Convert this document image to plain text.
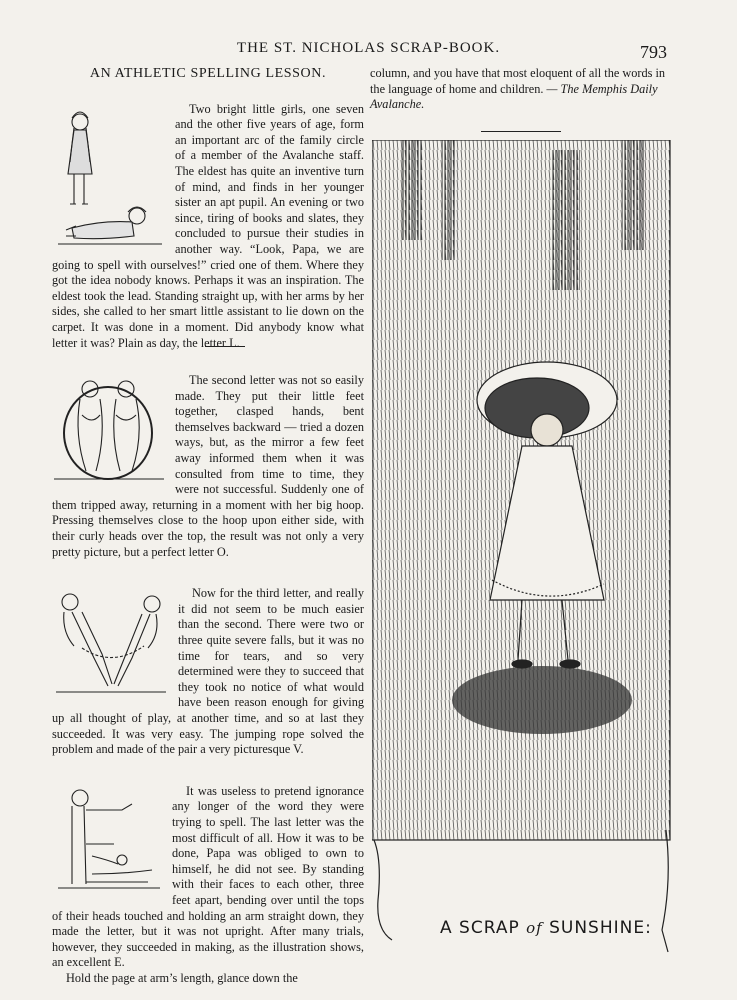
THE ST. NICHOLAS SCRAP-BOOK.	793
AN ATHLETIC SPELLING LESSON.

Two bright little girls, one seven and the other five years of age, form an important arc of the family circle of a member of the Avalanche staff. The eldest has quite an inventive turn of mind, and finds in her younger sister an apt pupil. An evening or two since, tiring of books and slates, they concluded to pursue their studies in another way. “Look, Papa, we are going to spell with ourselves!” cried one of them. Where they got the idea nobody knows. Perhaps it was an inspiration. The eldest took the lead. Standing straight up, with her arms by her sides, she called to her smart little assistant to lie down on the carpet. It was done in a moment. Did anybody know what letter it was? Plain as day, the letter L.

The second letter was not so easily made. They put their little feet together, clasped hands, bent themselves backward — tried a dozen ways, but, as the mirror a few feet away informed them when it was consulted from time to time, they were not successful. Suddenly one of them tripped away, returning in a moment with her big hoop. Pressing themselves close to the hoop upon either side, with their curly heads over the top, the result was not only a very pretty picture, but a perfect letter O.

Now for the third letter, and really it did not seem to be much easier than the second. There were two or three quite severe falls, but it was no time for tears, and so very determined were they to succeed that they took no notice of what would have been reason enough for giving up all thought of play, at another time, and so at last they succeeded. It was very easy. The jumping rope solved the problem and made of the pair a very picturesque V.

It was useless to pretend ignorance any longer of the word they were trying to spell. The last letter was the most difficult of all. How it was to be done, Papa was obliged to own to himself, he did not see. By standing with their faces to each other, three feet apart, bending over until the tops of their heads touched and holding an arm straight down, they made the letter, but it was not upright. After many trials, however, they succeeded in making, as the illustration shows, an excellent E.

Hold the page at arm’s length, glance down the

column, and you have that most eloquent of all the words in the language of home and children. — The Memphis Daily Avalanche.
A SCRAP of SUNSHINE:
